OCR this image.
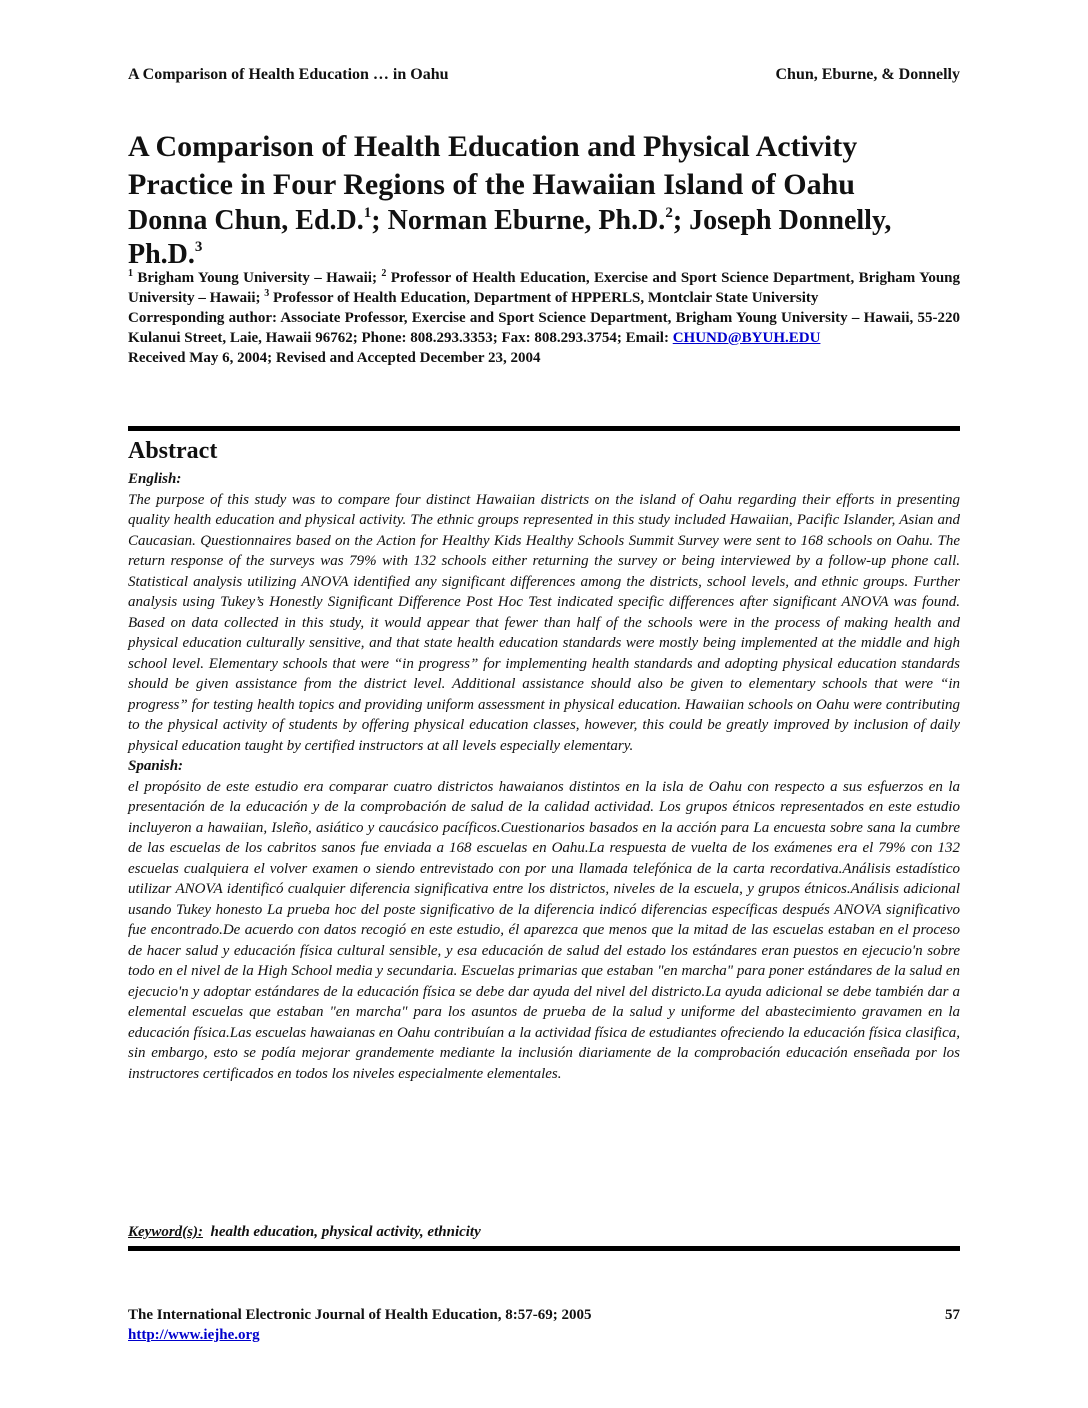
A Comparison of Health Education … in Oahu	Chun, Eburne, & Donnelly
A Comparison of Health Education and Physical Activity Practice in Four Regions of the Hawaiian Island of Oahu

Donna Chun, Ed.D.$^1$; Norman Eburne, Ph.D.$^2$; Joseph Donnelly, Ph.D.$^3$

$^1$ Brigham Young University – Hawaii; $^2$ Professor of Health Education, Exercise and Sport Science Department, Brigham Young University – Hawaii; $^3$ Professor of Health Education, Department of HPPERLS, Montclair State University

Corresponding author: Associate Professor, Exercise and Sport Science Department, Brigham Young University – Hawaii, 55-220 Kulanui Street, Laie, Hawaii 96762; Phone: 808.293.3353; Fax: 808.293.3754; Email: CHUND@BYUH.EDU

Received May 6, 2004; Revised and Accepted December 23, 2004

Abstract

English:

The purpose of this study was to compare four distinct Hawaiian districts on the island of Oahu regarding their efforts in presenting quality health education and physical activity. The ethnic groups represented in this study included Hawaiian, Pacific Islander, Asian and Caucasian. Questionnaires based on the Action for Healthy Kids Healthy Schools Summit Survey were sent to 168 schools on Oahu. The return response of the surveys was 79% with 132 schools either returning the survey or being interviewed by a follow-up phone call. Statistical analysis utilizing ANOVA identified any significant differences among the districts, school levels, and ethnic groups. Further analysis using Tukey’s Honestly Significant Difference Post Hoc Test indicated specific differences after significant ANOVA was found. Based on data collected in this study, it would appear that fewer than half of the schools were in the process of making health and physical education culturally sensitive, and that state health education standards were mostly being implemented at the middle and high school level. Elementary schools that were “in progress” for implementing health standards and adopting physical education standards should be given assistance from the district level. Additional assistance should also be given to elementary schools that were “in progress” for testing health topics and providing uniform assessment in physical education. Hawaiian schools on Oahu were contributing to the physical activity of students by offering physical education classes, however, this could be greatly improved by inclusion of daily physical education taught by certified instructors at all levels especially elementary.

Spanish:

el propósito de este estudio era comparar cuatro districtos hawaianos distintos en la isla de Oahu con respecto a sus esfuerzos en la presentación de la educación y de la comprobación de salud de la calidad actividad. Los grupos étnicos representados en este estudio incluyeron a hawaiian, Isleño, asiático y caucásico pacíficos.Cuestionarios basados en la acción para La encuesta sobre sana la cumbre de las escuelas de los cabritos sanos fue enviada a 168 escuelas en Oahu.La respuesta de vuelta de los exámenes era el 79% con 132 escuelas cualquiera el volver examen o siendo entrevistado con por una llamada telefónica de la carta recordativa.Análisis estadístico utilizar ANOVA identificó cualquier diferencia significativa entre los districtos, niveles de la escuela, y grupos étnicos.Análisis adicional usando Tukey honesto La prueba hoc del poste significativo de la diferencia indicó diferencias específicas después ANOVA significativo fue encontrado.De acuerdo con datos recogió en este estudio, él aparezca que menos que la mitad de las escuelas estaban en el proceso de hacer salud y educación física cultural sensible, y esa educación de salud del estado los estándares eran puestos en ejecucio'n sobre todo en el nivel de la High School media y secundaria. Escuelas primarias que estaban "en marcha" para poner estándares de la salud en ejecucio'n y adoptar estándares de la educación física se debe dar ayuda del nivel del districto.La ayuda adicional se debe también dar a elemental escuelas que estaban "en marcha" para los asuntos de prueba de la salud y uniforme del abastecimiento gravamen en la educación física.Las escuelas hawaianas en Oahu contribuían a la actividad física de estudiantes ofreciendo la educación física clasifica, sin embargo, esto se podía mejorar grandemente mediante la inclusión diariamente de la comprobación educación enseñada por los instructores certificados en todos los niveles especialmente elementales.

Keyword(s):  health education, physical activity, ethnicity
The International Electronic Journal of Health Education, 8:57-69; 2005	57
http://www.iejhe.org
